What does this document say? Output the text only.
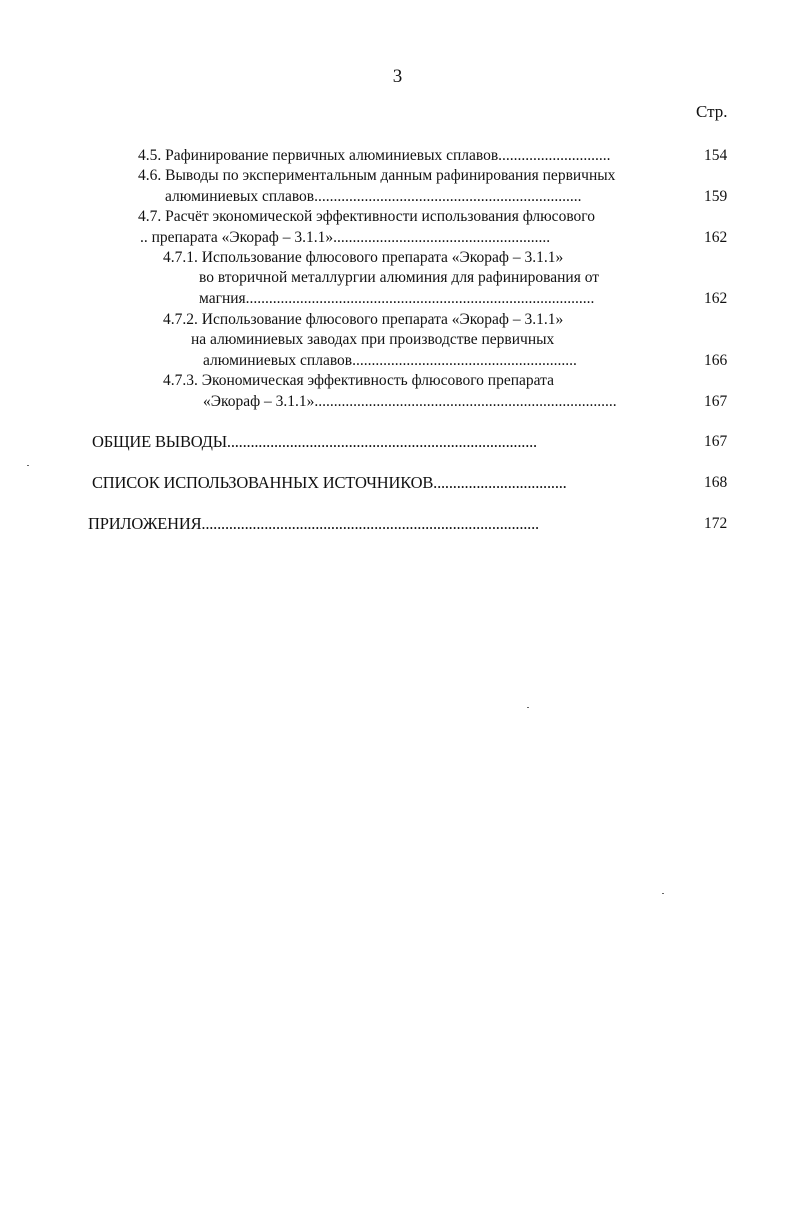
3
Стр.
4.5. Рафинирование первичных алюминиевых сплавов.............................	154
4.6. Выводы по экспериментальным данным рафинирования первичных
алюминиевых сплавов.....................................................................	159
4.7. Расчёт экономической эффективности использования флюсового
.. препарата «Экораф – 3.1.1»........................................................	162
4.7.1. Использование флюсового препарата «Экораф – 3.1.1»
во вторичной металлургии алюминия для рафинирования от
магния..........................................................................................	162
4.7.2. Использование флюсового препарата «Экораф – 3.1.1»
на алюминиевых заводах при производстве первичных
алюминиевых сплавов..........................................................	166
4.7.3. Экономическая эффективность флюсового препарата
«Экораф – 3.1.1»..............................................................................	167
ОБЩИЕ ВЫВОДЫ...............................................................................	167
СПИСОК ИСПОЛЬЗОВАННЫХ ИСТОЧНИКОВ..................................	168
ПРИЛОЖЕНИЯ......................................................................................	172
